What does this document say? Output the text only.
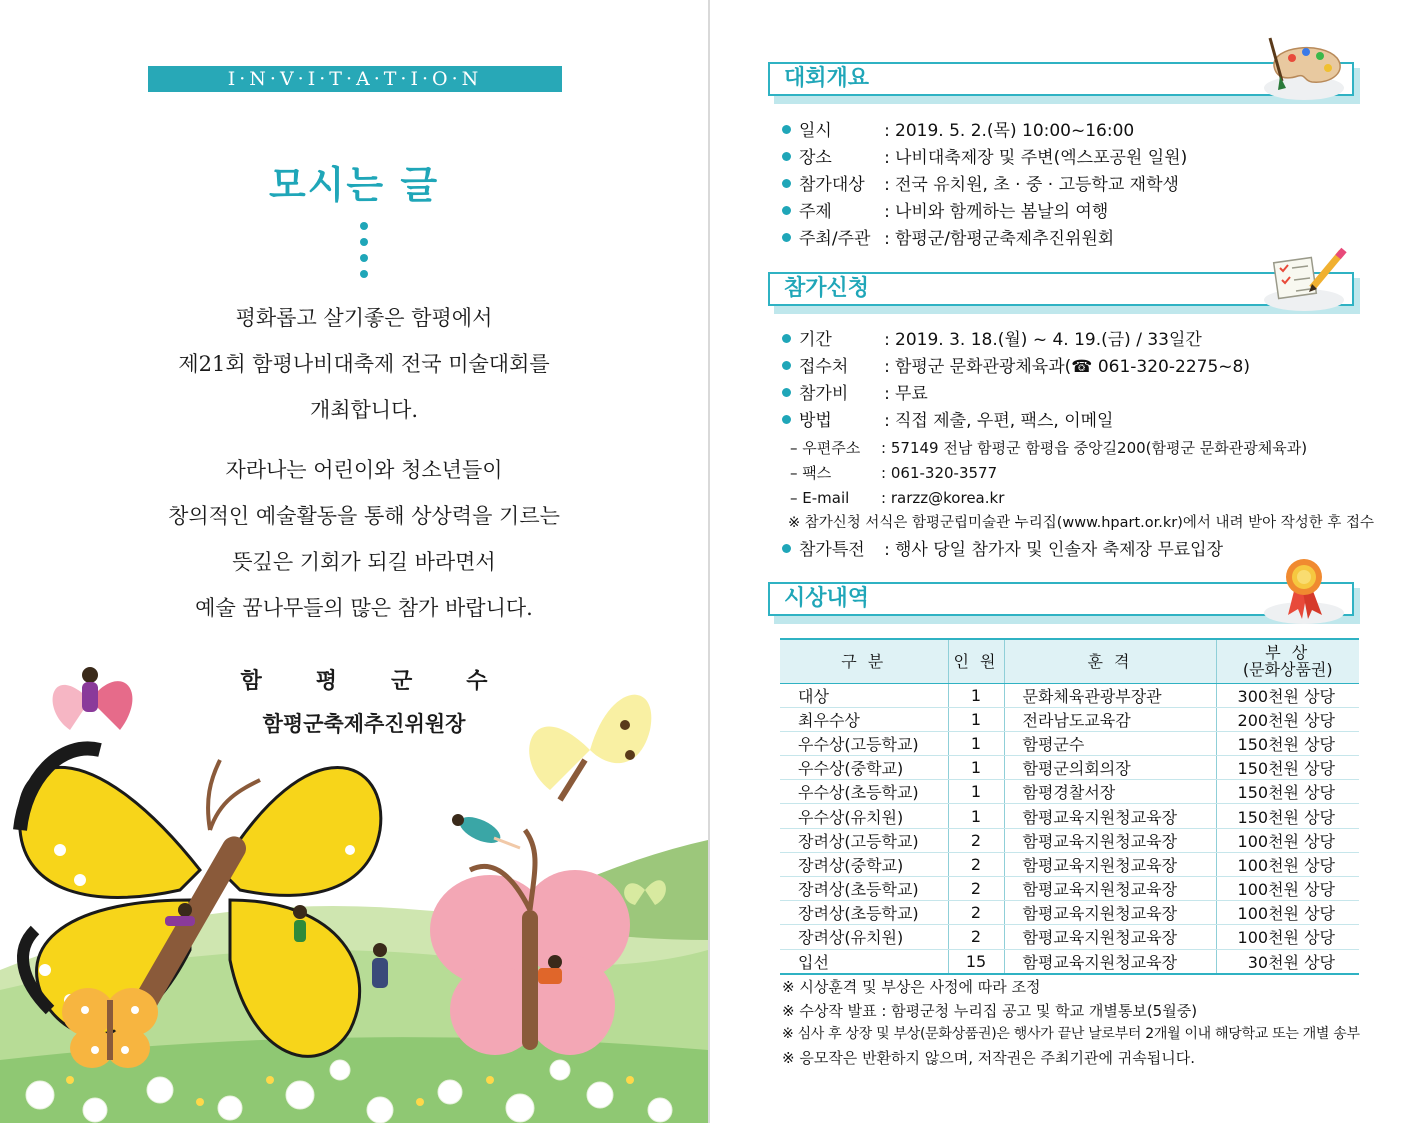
I·N·V·I·T·A·T·I·O·N
모시는 글
평화롭고 살기좋은 함평에서
제21회 함평나비대축제 전국 미술대회를
개최합니다.
자라나는 어린이와 청소년들이
창의적인 예술활동을 통해 상상력을 기르는
뜻깊은 기회가 되길 바라면서
예술 꿈나무들의 많은 참가 바랍니다.
함평군수
함평군축제추진위원장
대회개요
일시	: 2019. 5. 2.(목) 10:00~16:00
장소	: 나비대축제장 및 주변(엑스포공원 일원)
참가대상 : 전국 유치원, 초 · 중 · 고등학교 재학생
주제	: 나비와 함께하는 봄날의 여행
주최/주관 : 함평군/함평군축제추진위원회
참가신청
기간	: 2019. 3. 18.(월) ~ 4. 19.(금) / 33일간
접수처 : 함평군 문화관광체육과(☎ 061-320-2275~8)
참가비 : 무료
방법	: 직접 제출, 우편, 팩스, 이메일
– 우편주소 : 57149 전남 함평군 함평읍 중앙길200(함평군 문화관광체육과)
– 팩스	: 061-320-3577
– E-mail : rarzz@korea.kr
※ 참가신청 서식은 함평군립미술관 누리집(www.hpart.or.kr)에서 내려 받아 작성한 후 접수
참가특전 : 행사 당일 참가자 및 인솔자 축제장 무료입장
시상내역
구 분	인 원	훈 격	부 상
(문화상품권)

대상	1	문화체육관광부장관	300천원 상당
최우수상	1	전라남도교육감	200천원 상당
우수상(고등학교)	1	함평군수	150천원 상당
우수상(중학교)	1	함평군의회의장	150천원 상당
우수상(초등학교)	1	함평경찰서장	150천원 상당
우수상(유치원)	1	함평교육지원청교육장	150천원 상당
장려상(고등학교)	2	함평교육지원청교육장	100천원 상당
장려상(중학교)	2	함평교육지원청교육장	100천원 상당
장려상(초등학교)	2	함평교육지원청교육장	100천원 상당
장려상(초등학교)	2	함평교육지원청교육장	100천원 상당
장려상(유치원)	2	함평교육지원청교육장	100천원 상당
입선	15	함평교육지원청교육장	30천원 상당
※ 시상훈격 및 부상은 사정에 따라 조정
※ 수상작 발표 : 함평군청 누리집 공고 및 학교 개별통보(5월중)
※ 심사 후 상장 및 부상(문화상품권)은 행사가 끝난 날로부터 2개월 이내 해당학교 또는 개별 송부
※ 응모작은 반환하지 않으며, 저작권은 주최기관에 귀속됩니다.
